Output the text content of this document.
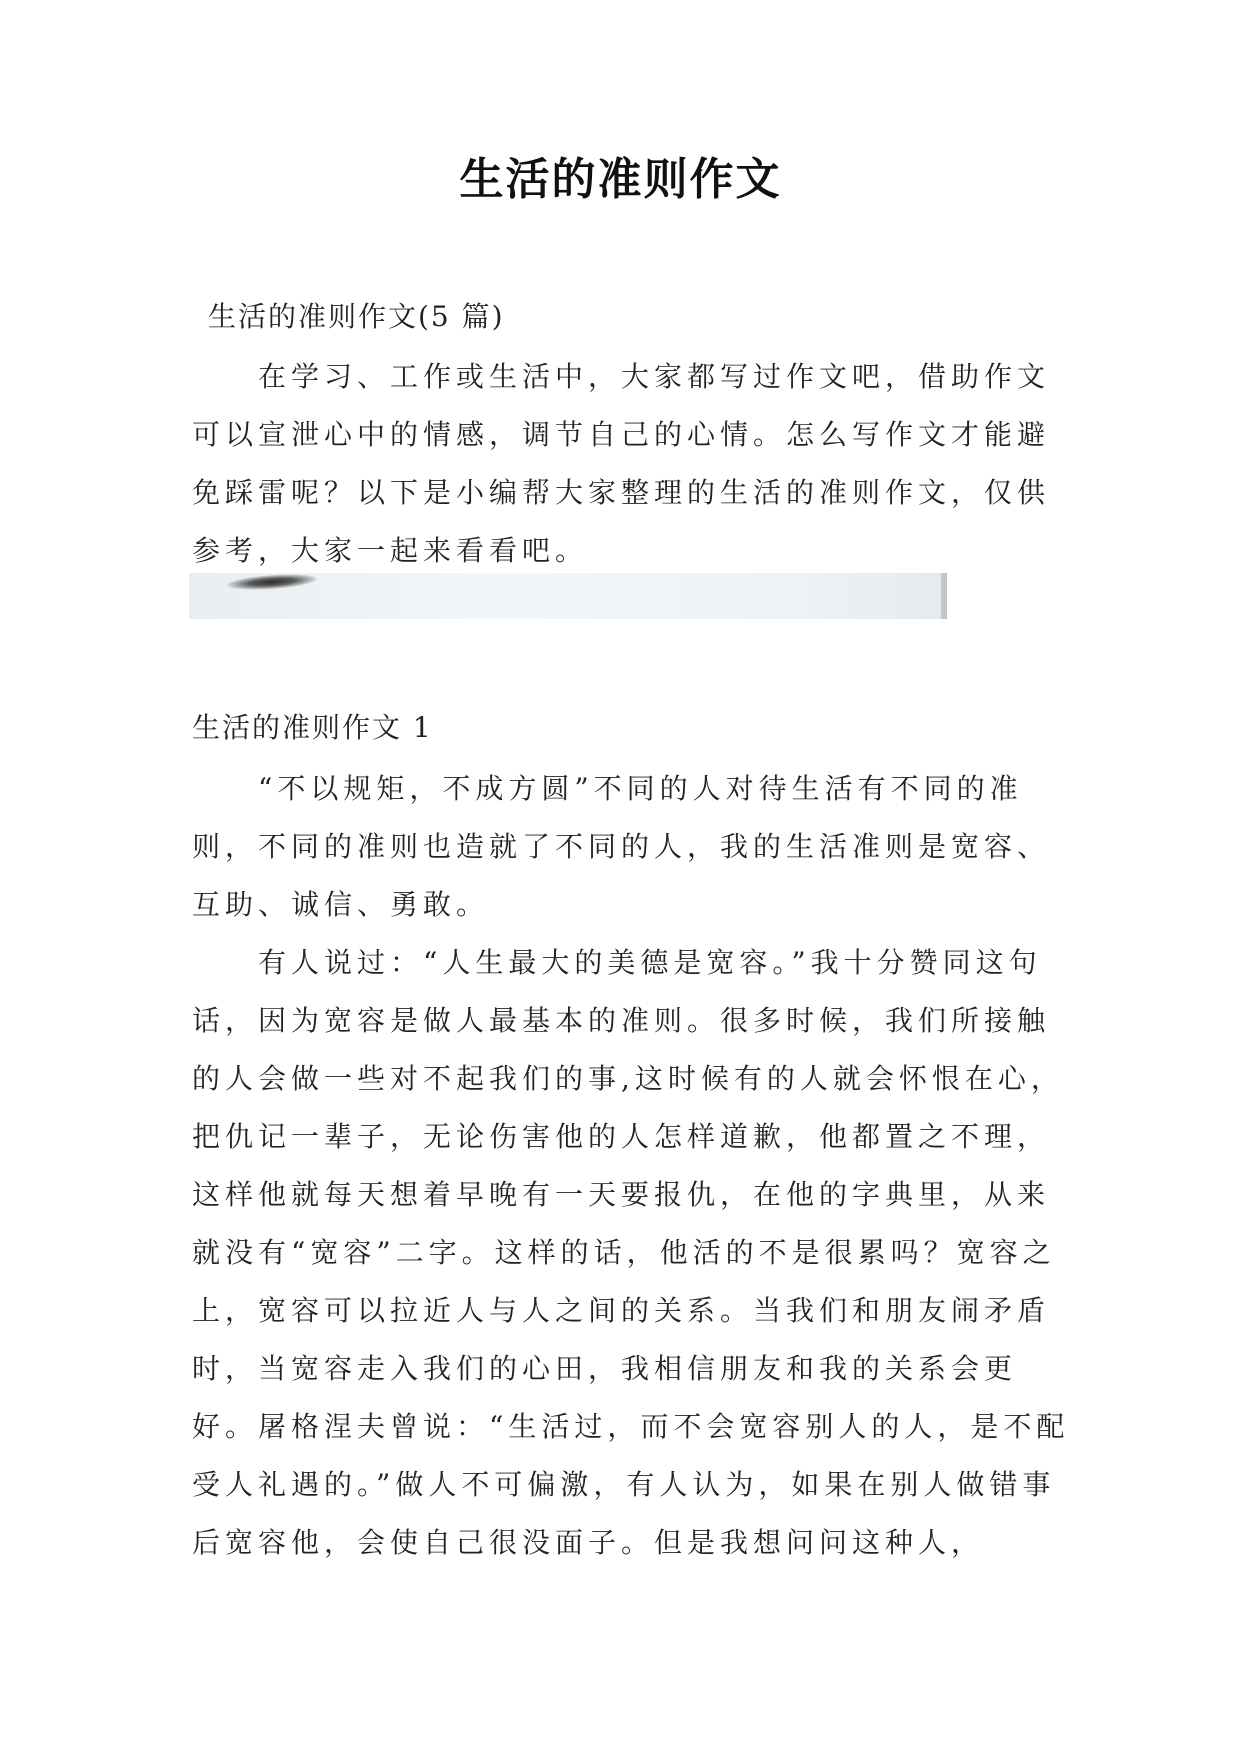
生活的准则作文
生活的准则作文(5 篇)

在学习、工作或生活中，大家都写过作文吧，借助作文可以宣泄心中的情感，调节自己的心情。怎么写作文才能避免踩雷呢？以下是小编帮大家整理的生活的准则作文，仅供参考，大家一起来看看吧。

生活的准则作文 1

“不以规矩，不成方圆”不同的人对待生活有不同的准则，不同的准则也造就了不同的人，我的生活准则是宽容、互助、诚信、勇敢。

有人说过：“人生最大的美德是宽容。”我十分赞同这句话，因为宽容是做人最基本的准则。很多时候，我们所接触的人会做一些对不起我们的事,这时候有的人就会怀恨在心，把仇记一辈子，无论伤害他的人怎样道歉，他都置之不理，这样他就每天想着早晚有一天要报仇，在他的字典里，从来就没有“宽容”二字。这样的话，他活的不是很累吗？宽容之上，宽容可以拉近人与人之间的关系。当我们和朋友闹矛盾时，当宽容走入我们的心田，我相信朋友和我的关系会更好。屠格涅夫曾说：“生活过，而不会宽容别人的人，是不配受人礼遇的。”做人不可偏激，有人认为，如果在别人做错事后宽容他，会使自己很没面子。但是我想问问这种人，
